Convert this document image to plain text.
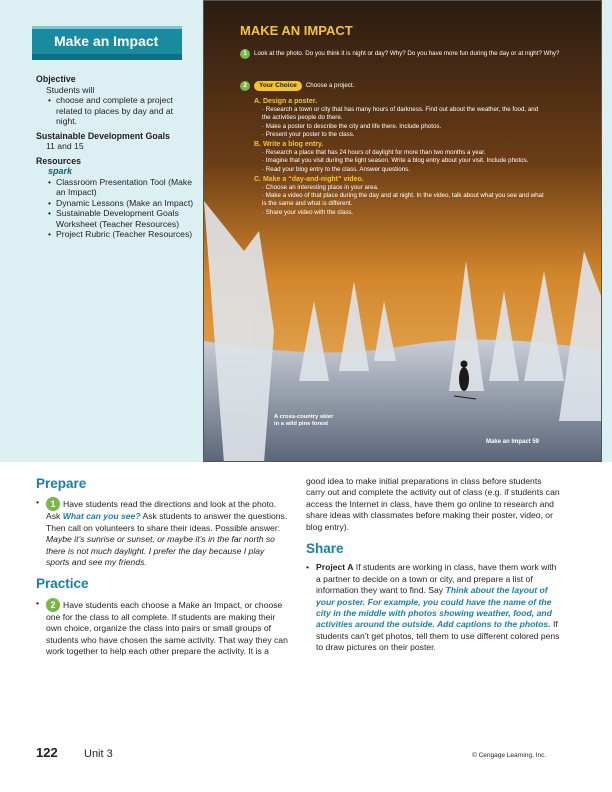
Make an Impact
Objective
Students will
• choose and complete a project related to places by day and at night.
Sustainable Development Goals
11 and 15
Resources
spark
• Classroom Presentation Tool (Make an Impact)
• Dynamic Lessons (Make an Impact)
• Sustainable Development Goals Worksheet (Teacher Resources)
• Project Rubric (Teacher Resources)
MAKE AN IMPACT
1 Look at the photo. Do you think it is night or day? Why? Do you have more fun during the day or at night? Why?
2 Your Choice Choose a project.
A. Design a poster.
· Research a town or city that has many hours of darkness. Find out about the weather, the food, and the activities people do there.
· Make a poster to describe the city and life there. Include photos.
· Present your poster to the class.
B. Write a blog entry.
· Research a place that has 24 hours of daylight for more than two months a year.
· Imagine that you visit during the light season. Write a blog entry about your visit. Include photos.
· Read your blog entry to the class. Answer questions.
C. Make a “day-and-night” video.
· Choose an interesting place in your area.
· Make a video of that place during the day and at night. In the video, talk about what you see and what is the same and what is different.
· Share your video with the class.
A cross-country skier
in a wild pine forest
Make an Impact 59
Prepare
• 1 Have students read the directions and look at the photo. Ask What can you see? Ask students to answer the questions. Then call on volunteers to share their ideas. Possible answer: Maybe it’s sunrise or sunset, or maybe it’s in the far north so there is not much daylight. I prefer the day because I play sports and see my friends.
Practice
• 2 Have students each choose a Make an Impact, or choose one for the class to all complete. If students are making their own choice, organize the class into pairs or small groups of students who have chosen the same activity. That way they can work together to help each other prepare the activity. It is a
good idea to make initial preparations in class before students carry out and complete the activity out of class (e.g. if students can access the Internet in class, have them go online to research and share ideas with classmates before making their poster, video, or blog entry).
Share
• Project A If students are working in class, have them work with a partner to decide on a town or city, and prepare a list of information they want to find. Say Think about the layout of your poster. For example, you could have the name of the city in the middle with photos showing weather, food, and activities around the outside. Add captions to the photos. If students can’t get photos, tell them to use different colored pens to draw pictures on their poster.
122 Unit 3	© Cengage Learning, Inc.
